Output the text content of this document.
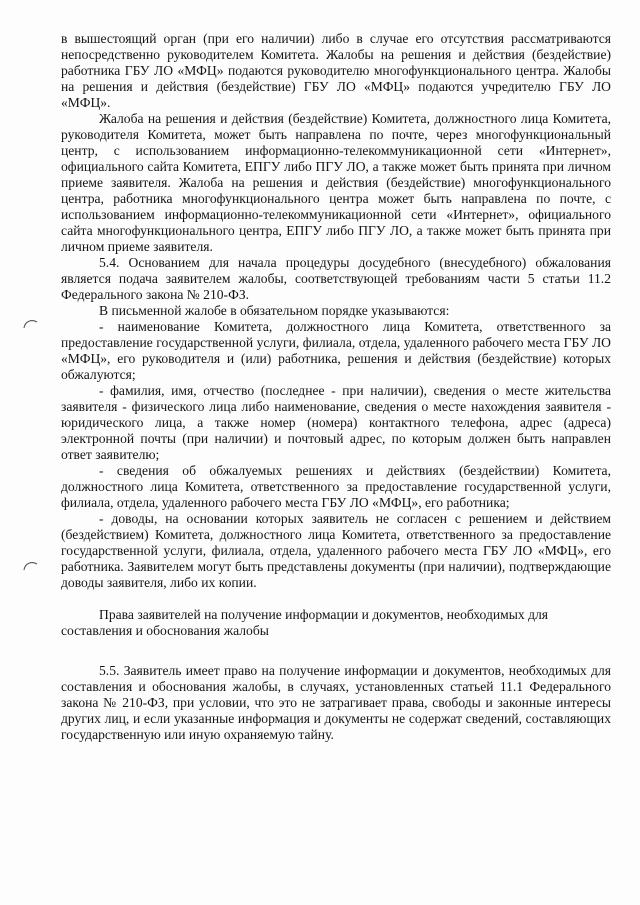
в вышестоящий орган (при его наличии) либо в случае его отсутствия рассматриваются непосредственно руководителем Комитета. Жалобы на решения и действия (бездействие) работника ГБУ ЛО «МФЦ» подаются руководителю многофункционального центра. Жалобы на решения и действия (бездействие) ГБУ ЛО «МФЦ» подаются учредителю ГБУ ЛО «МФЦ».

Жалоба на решения и действия (бездействие) Комитета, должностного лица Комитета, руководителя Комитета, может быть направлена по почте, через многофункциональный центр, с использованием информационно-телекоммуникационной сети «Интернет», официального сайта Комитета, ЕПГУ либо ПГУ ЛО, а также может быть принята при личном приеме заявителя. Жалоба на решения и действия (бездействие) многофункционального центра, работника многофункционального центра может быть направлена по почте, с использованием информационно-телекоммуникационной сети «Интернет», официального сайта многофункционального центра, ЕПГУ либо ПГУ ЛО, а также может быть принята при личном приеме заявителя.

5.4. Основанием для начала процедуры досудебного (внесудебного) обжалования является подача заявителем жалобы, соответствующей требованиям части 5 статьи 11.2 Федерального закона № 210-ФЗ.

В письменной жалобе в обязательном порядке указываются:

- наименование Комитета, должностного лица Комитета, ответственного за предоставление государственной услуги, филиала, отдела, удаленного рабочего места ГБУ ЛО «МФЦ», его руководителя и (или) работника, решения и действия (бездействие) которых обжалуются;

- фамилия, имя, отчество (последнее - при наличии), сведения о месте жительства заявителя - физического лица либо наименование, сведения о месте нахождения заявителя - юридического лица, а также номер (номера) контактного телефона, адрес (адреса) электронной почты (при наличии) и почтовый адрес, по которым должен быть направлен ответ заявителю;

- сведения об обжалуемых решениях и действиях (бездействии) Комитета, должностного лица Комитета, ответственного за предоставление государственной услуги, филиала, отдела, удаленного рабочего места ГБУ ЛО «МФЦ», его работника;

- доводы, на основании которых заявитель не согласен с решением и действием (бездействием) Комитета, должностного лица Комитета, ответственного за предоставление государственной услуги, филиала, отдела, удаленного рабочего места ГБУ ЛО «МФЦ», его работника. Заявителем могут быть представлены документы (при наличии), подтверждающие доводы заявителя, либо их копии.

Права заявителей на получение информации и документов, необходимых для составления и обоснования жалобы

5.5. Заявитель имеет право на получение информации и документов, необходимых для составления и обоснования жалобы, в случаях, установленных статьей 11.1 Федерального закона № 210-ФЗ, при условии, что это не затрагивает права, свободы и законные интересы других лиц, и если указанные информация и документы не содержат сведений, составляющих государственную или иную охраняемую тайну.
